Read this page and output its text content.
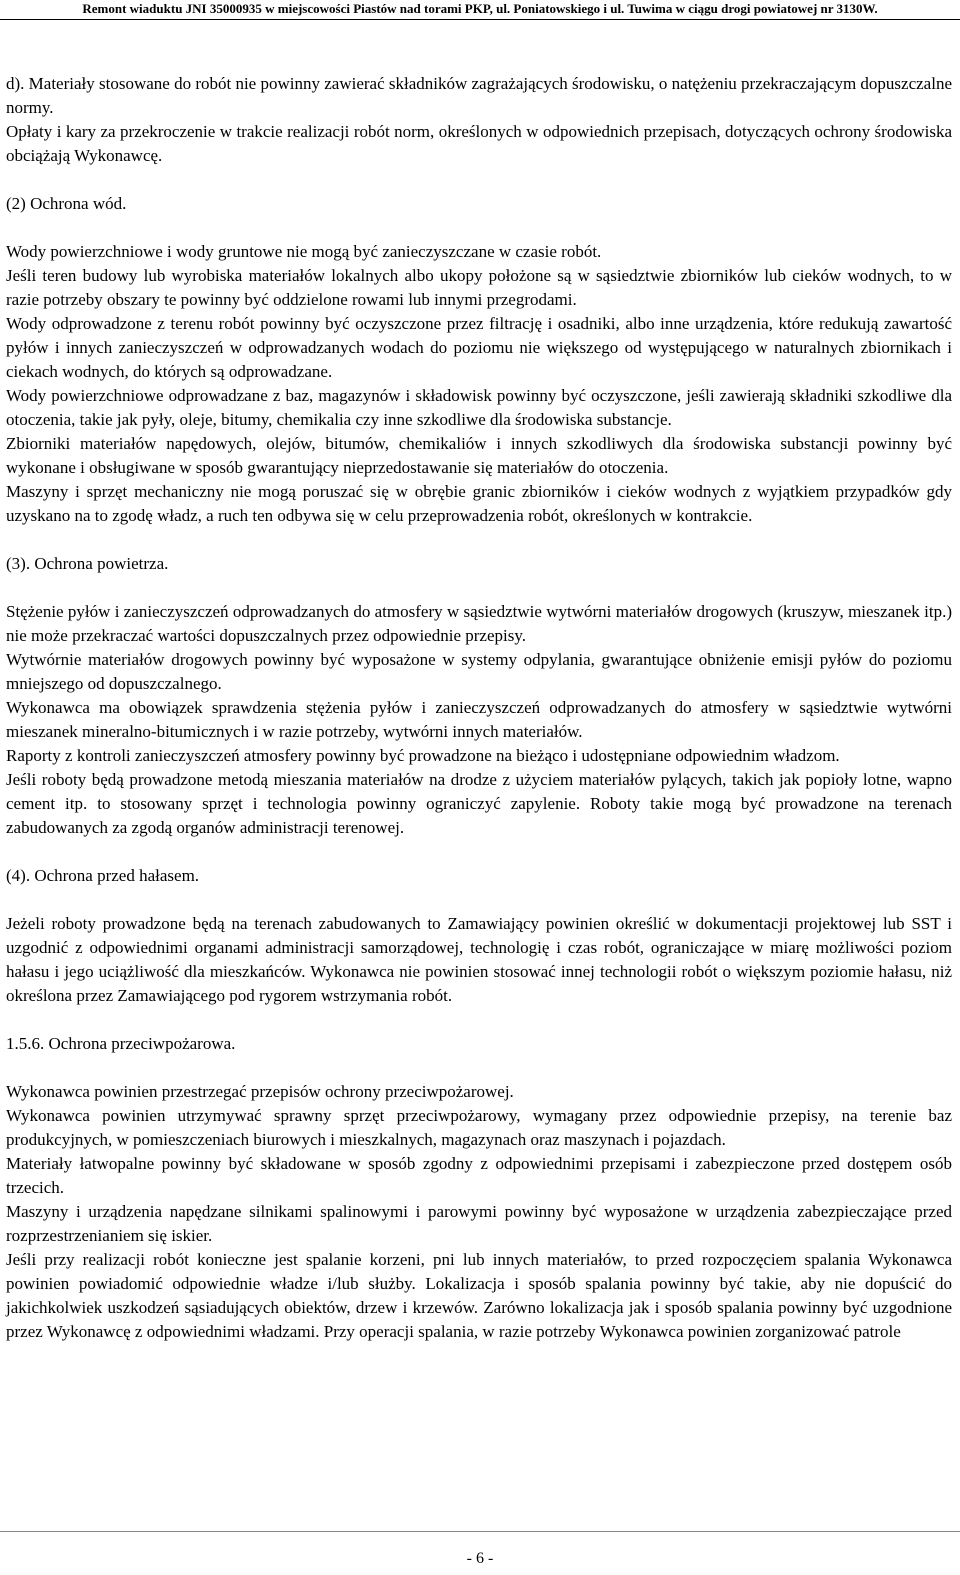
Remont wiaduktu JNI 35000935 w miejscowości Piastów nad torami PKP, ul. Poniatowskiego i ul. Tuwima w ciągu drogi powiatowej nr 3130W.

d). Materiały stosowane do robót nie powinny zawierać składników zagrażających środowisku, o natężeniu przekraczającym dopuszczalne normy.

Opłaty i kary za przekroczenie w trakcie realizacji robót norm, określonych w odpowiednich przepisach, dotyczących ochrony środowiska obciążają Wykonawcę.

(2) Ochrona wód.

Wody powierzchniowe i wody gruntowe nie mogą być zanieczyszczane w czasie robót.

Jeśli teren budowy lub wyrobiska materiałów lokalnych albo ukopy położone są w sąsiedztwie zbiorników lub cieków wodnych, to w razie potrzeby obszary te powinny być oddzielone rowami lub innymi przegrodami.

Wody odprowadzone z terenu robót powinny być oczyszczone przez filtrację i osadniki, albo inne urządzenia, które redukują zawartość pyłów i innych zanieczyszczeń w odprowadzanych wodach do poziomu nie większego od występującego w naturalnych zbiornikach i ciekach wodnych, do których są odprowadzane.

Wody powierzchniowe odprowadzane z baz, magazynów i składowisk powinny być oczyszczone, jeśli zawierają składniki szkodliwe dla otoczenia, takie jak pyły, oleje, bitumy, chemikalia czy inne szkodliwe dla środowiska substancje.

Zbiorniki materiałów napędowych, olejów, bitumów, chemikaliów i innych szkodliwych dla środowiska substancji powinny być wykonane i obsługiwane w sposób gwarantujący nieprzedostawanie się materiałów do otoczenia.

Maszyny i sprzęt mechaniczny nie mogą poruszać się w obrębie granic zbiorników i cieków wodnych z wyjątkiem przypadków gdy uzyskano na to zgodę władz, a ruch ten odbywa się w celu przeprowadzenia robót, określonych w kontrakcie.

(3). Ochrona powietrza.

Stężenie pyłów i zanieczyszczeń odprowadzanych do atmosfery w sąsiedztwie wytwórni materiałów drogowych (kruszyw, mieszanek itp.) nie może przekraczać wartości dopuszczalnych przez odpowiednie przepisy.

Wytwórnie materiałów drogowych powinny być wyposażone w systemy odpylania, gwarantujące obniżenie emisji pyłów do poziomu mniejszego od dopuszczalnego.

Wykonawca ma obowiązek sprawdzenia stężenia pyłów i zanieczyszczeń odprowadzanych do atmosfery w sąsiedztwie wytwórni mieszanek mineralno-bitumicznych i w razie potrzeby, wytwórni innych materiałów.

Raporty z kontroli zanieczyszczeń atmosfery powinny być prowadzone na bieżąco i udostępniane odpowiednim władzom.

Jeśli roboty będą prowadzone metodą mieszania materiałów na drodze z użyciem materiałów pylących, takich jak popioły lotne, wapno cement itp. to stosowany sprzęt i technologia powinny ograniczyć zapylenie. Roboty takie mogą być prowadzone na terenach zabudowanych za zgodą organów administracji terenowej.

(4). Ochrona przed hałasem.

Jeżeli roboty prowadzone będą na terenach zabudowanych to Zamawiający powinien określić w dokumentacji projektowej lub SST i uzgodnić z odpowiednimi organami administracji samorządowej, technologię i czas robót, ograniczające w miarę możliwości poziom hałasu i jego uciążliwość dla mieszkańców. Wykonawca nie powinien stosować innej technologii robót o większym poziomie hałasu, niż określona przez Zamawiającego pod rygorem wstrzymania robót.

1.5.6. Ochrona przeciwpożarowa.

Wykonawca powinien przestrzegać przepisów ochrony przeciwpożarowej.

Wykonawca powinien utrzymywać sprawny sprzęt przeciwpożarowy, wymagany przez odpowiednie przepisy, na terenie baz produkcyjnych, w pomieszczeniach biurowych i mieszkalnych, magazynach oraz maszynach i pojazdach.

Materiały łatwopalne powinny być składowane w sposób zgodny z odpowiednimi przepisami i zabezpieczone przed dostępem osób trzecich.

Maszyny i urządzenia napędzane silnikami spalinowymi i parowymi powinny być wyposażone w urządzenia zabezpieczające przed rozprzestrzenianiem się iskier.

Jeśli przy realizacji robót konieczne jest spalanie korzeni, pni lub innych materiałów, to przed rozpoczęciem spalania Wykonawca powinien powiadomić odpowiednie władze i/lub służby. Lokalizacja i sposób spalania powinny być takie, aby nie dopuścić do jakichkolwiek uszkodzeń sąsiadujących obiektów, drzew i krzewów. Zarówno lokalizacja jak i sposób spalania powinny być uzgodnione przez Wykonawcę z odpowiednimi władzami. Przy operacji spalania, w razie potrzeby Wykonawca powinien zorganizować patrole

- 6 -
